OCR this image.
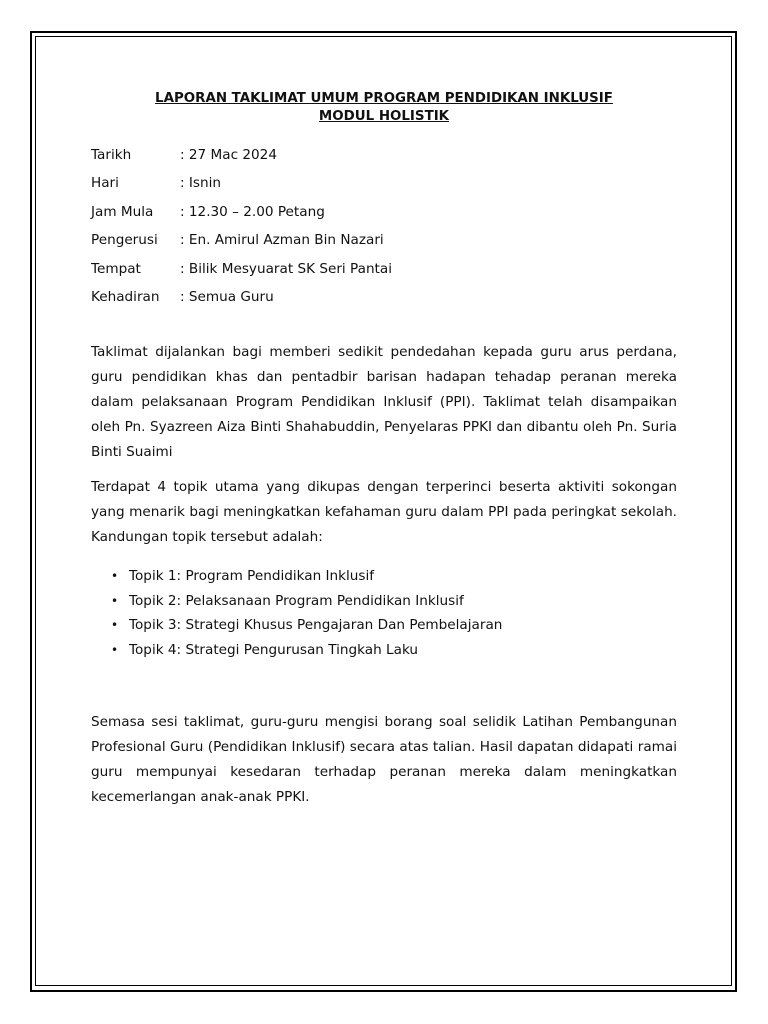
LAPORAN TAKLIMAT UMUM PROGRAM PENDIDIKAN INKLUSIF

MODUL HOLISTIK

Tarikh	: 27 Mac 2024
Hari	: Isnin
Jam Mula	: 12.30 – 2.00 Petang
Pengerusi	: En. Amirul Azman Bin Nazari
Tempat	: Bilik Mesyuarat SK Seri Pantai
Kehadiran	: Semua Guru

Taklimat dijalankan bagi memberi sedikit pendedahan kepada guru arus perdana, guru pendidikan khas dan pentadbir barisan hadapan tehadap peranan mereka dalam pelaksanaan Program Pendidikan Inklusif (PPI). Taklimat telah disampaikan oleh Pn. Syazreen Aiza Binti Shahabuddin, Penyelaras PPKI dan dibantu oleh Pn. Suria Binti Suaimi

Terdapat 4 topik utama yang dikupas dengan terperinci beserta aktiviti sokongan yang menarik bagi meningkatkan kefahaman guru dalam PPI pada peringkat sekolah. Kandungan topik tersebut adalah:

• Topik 1: Program Pendidikan Inklusif
• Topik 2: Pelaksanaan Program Pendidikan Inklusif
• Topik 3: Strategi Khusus Pengajaran Dan Pembelajaran
• Topik 4: Strategi Pengurusan Tingkah Laku

Semasa sesi taklimat, guru-guru mengisi borang soal selidik Latihan Pembangunan Profesional Guru (Pendidikan Inklusif) secara atas talian. Hasil dapatan didapati ramai guru mempunyai kesedaran terhadap peranan mereka dalam meningkatkan kecemerlangan anak-anak PPKI.
